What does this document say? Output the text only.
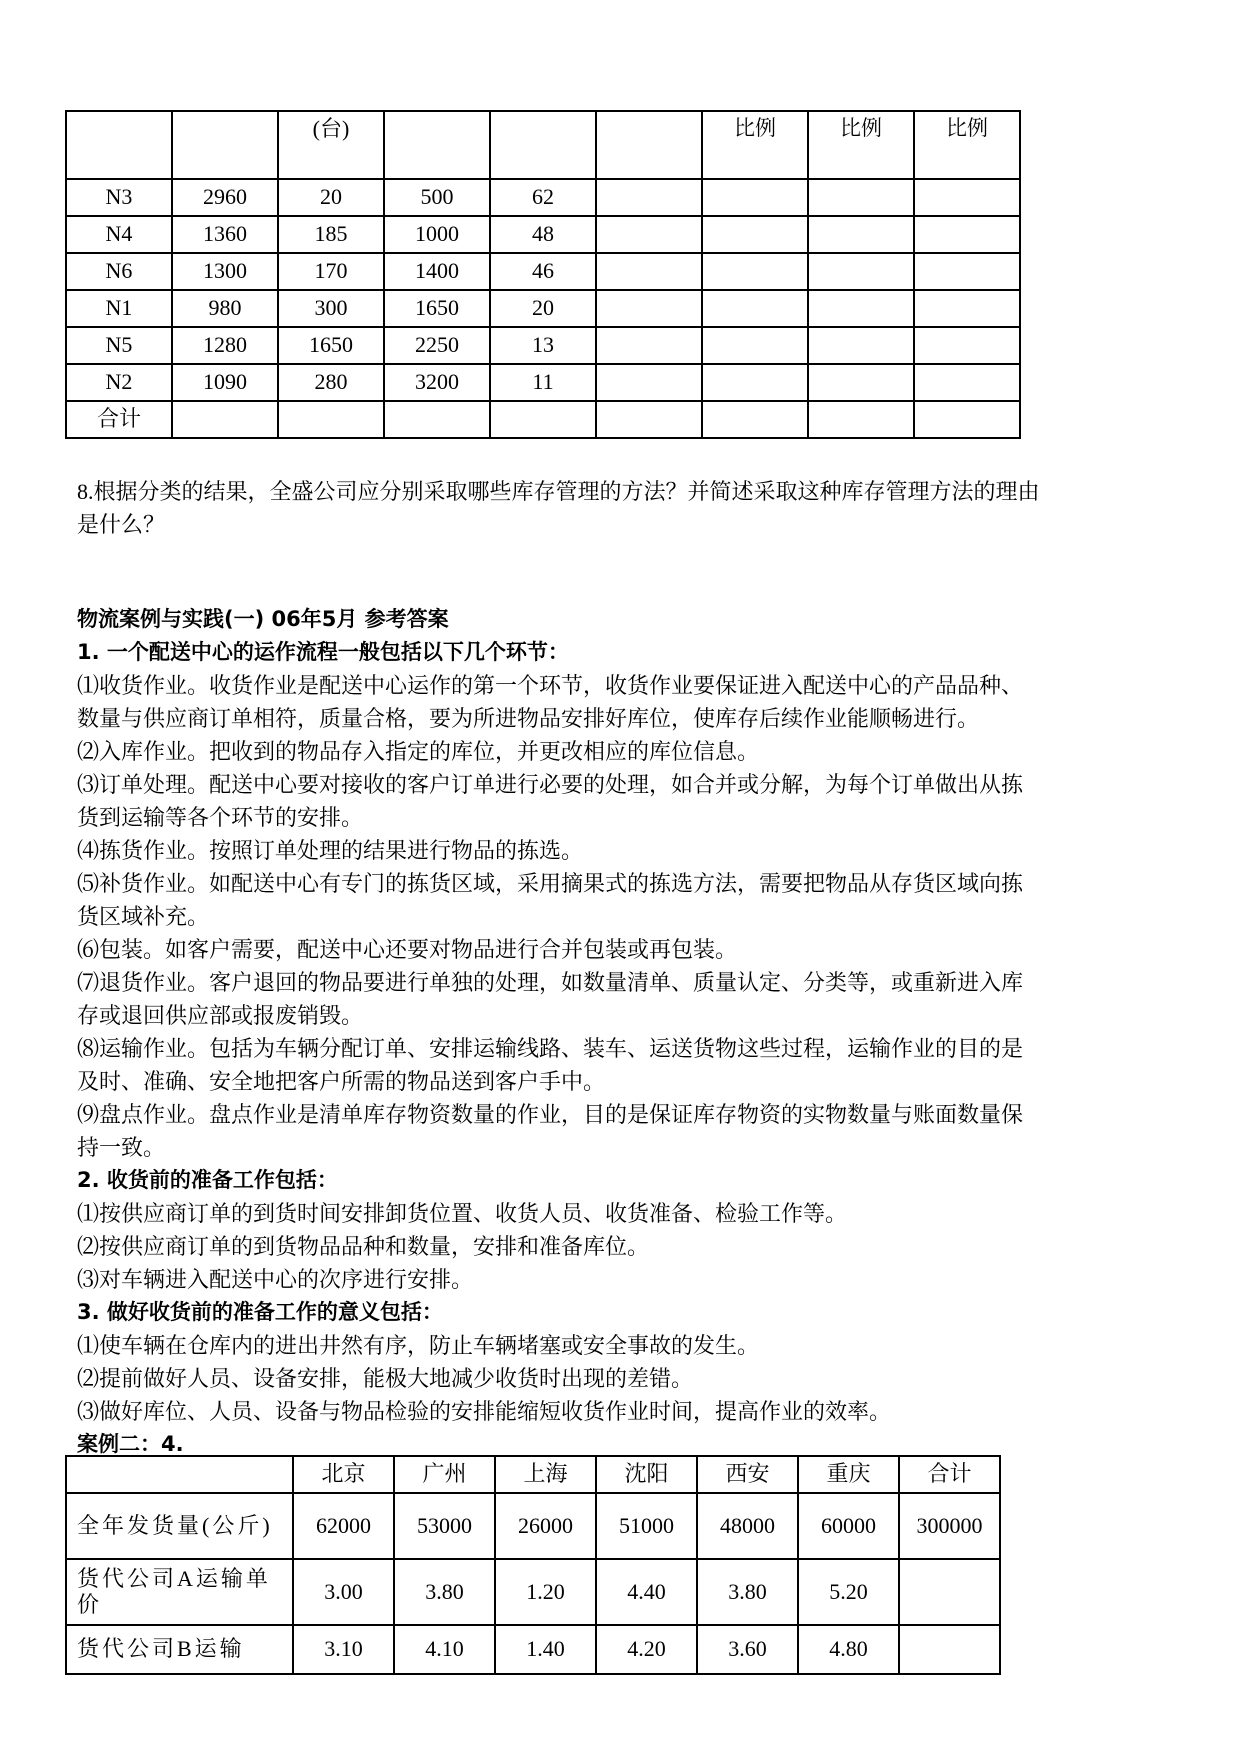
		(台)				比例	比例	比例
N3	2960	20	500	62				
N4	1360	185	1000	48				
N6	1300	170	1400	46				
N1	980	300	1650	20				
N5	1280	1650	2250	13				
N2	1090	280	3200	11				
合计								
8.根据分类的结果，全盛公司应分别采取哪些库存管理的方法？并简述采取这种库存管理方法的理由
是什么？
物流案例与实践(一) 06年5月 参考答案
1. 一个配送中心的运作流程一般包括以下几个环节：
⑴收货作业。收货作业是配送中心运作的第一个环节，收货作业要保证进入配送中心的产品品种、
数量与供应商订单相符，质量合格，要为所进物品安排好库位，使库存后续作业能顺畅进行。
⑵入库作业。把收到的物品存入指定的库位，并更改相应的库位信息。
⑶订单处理。配送中心要对接收的客户订单进行必要的处理，如合并或分解，为每个订单做出从拣
货到运输等各个环节的安排。
⑷拣货作业。按照订单处理的结果进行物品的拣选。
⑸补货作业。如配送中心有专门的拣货区域，采用摘果式的拣选方法，需要把物品从存货区域向拣
货区域补充。
⑹包装。如客户需要，配送中心还要对物品进行合并包装或再包装。
⑺退货作业。客户退回的物品要进行单独的处理，如数量清单、质量认定、分类等，或重新进入库
存或退回供应部或报废销毁。
⑻运输作业。包括为车辆分配订单、安排运输线路、装车、运送货物这些过程，运输作业的目的是
及时、准确、安全地把客户所需的物品送到客户手中。
⑼盘点作业。盘点作业是清单库存物资数量的作业，目的是保证库存物资的实物数量与账面数量保
持一致。
2. 收货前的准备工作包括：
⑴按供应商订单的到货时间安排卸货位置、收货人员、收货准备、检验工作等。
⑵按供应商订单的到货物品品种和数量，安排和准备库位。
⑶对车辆进入配送中心的次序进行安排。
3. 做好收货前的准备工作的意义包括：
⑴使车辆在仓库内的进出井然有序，防止车辆堵塞或安全事故的发生。
⑵提前做好人员、设备安排，能极大地减少收货时出现的差错。
⑶做好库位、人员、设备与物品检验的安排能缩短收货作业时间，提高作业的效率。
案例二：4.
	北京	广州	上海	沈阳	西安	重庆	合计
全年发货量(公斤)	62000	53000	26000	51000	48000	60000	300000
货代公司A运输单价	3.00	3.80	1.20	4.40	3.80	5.20	
货代公司B运输	3.10	4.10	1.40	4.20	3.60	4.80	
